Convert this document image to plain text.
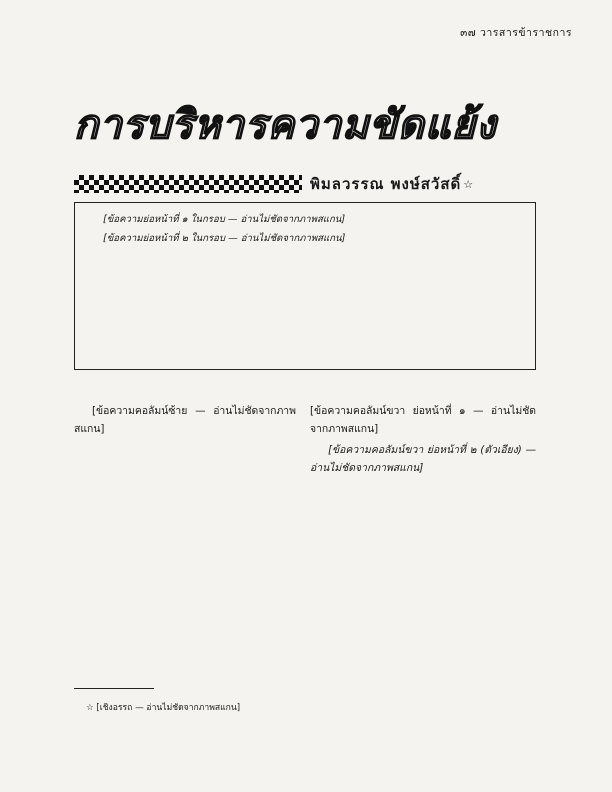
๓๗ วารสารข้าราชการ
การบริหารความขัดแย้ง
พิมลวรรณ พงษ์สวัสดิ์ ☆

[ข้อความย่อหน้าที่ ๑ ในกรอบ — อ่านไม่ชัดจากภาพสแกน]

[ข้อความย่อหน้าที่ ๒ ในกรอบ — อ่านไม่ชัดจากภาพสแกน]

[ข้อความคอลัมน์ซ้าย — อ่านไม่ชัดจากภาพสแกน]

[ข้อความคอลัมน์ขวา ย่อหน้าที่ ๑ — อ่านไม่ชัดจากภาพสแกน]

[ข้อความคอลัมน์ขวา ย่อหน้าที่ ๒ (ตัวเอียง) — อ่านไม่ชัดจากภาพสแกน]

☆ [เชิงอรรถ — อ่านไม่ชัดจากภาพสแกน]
